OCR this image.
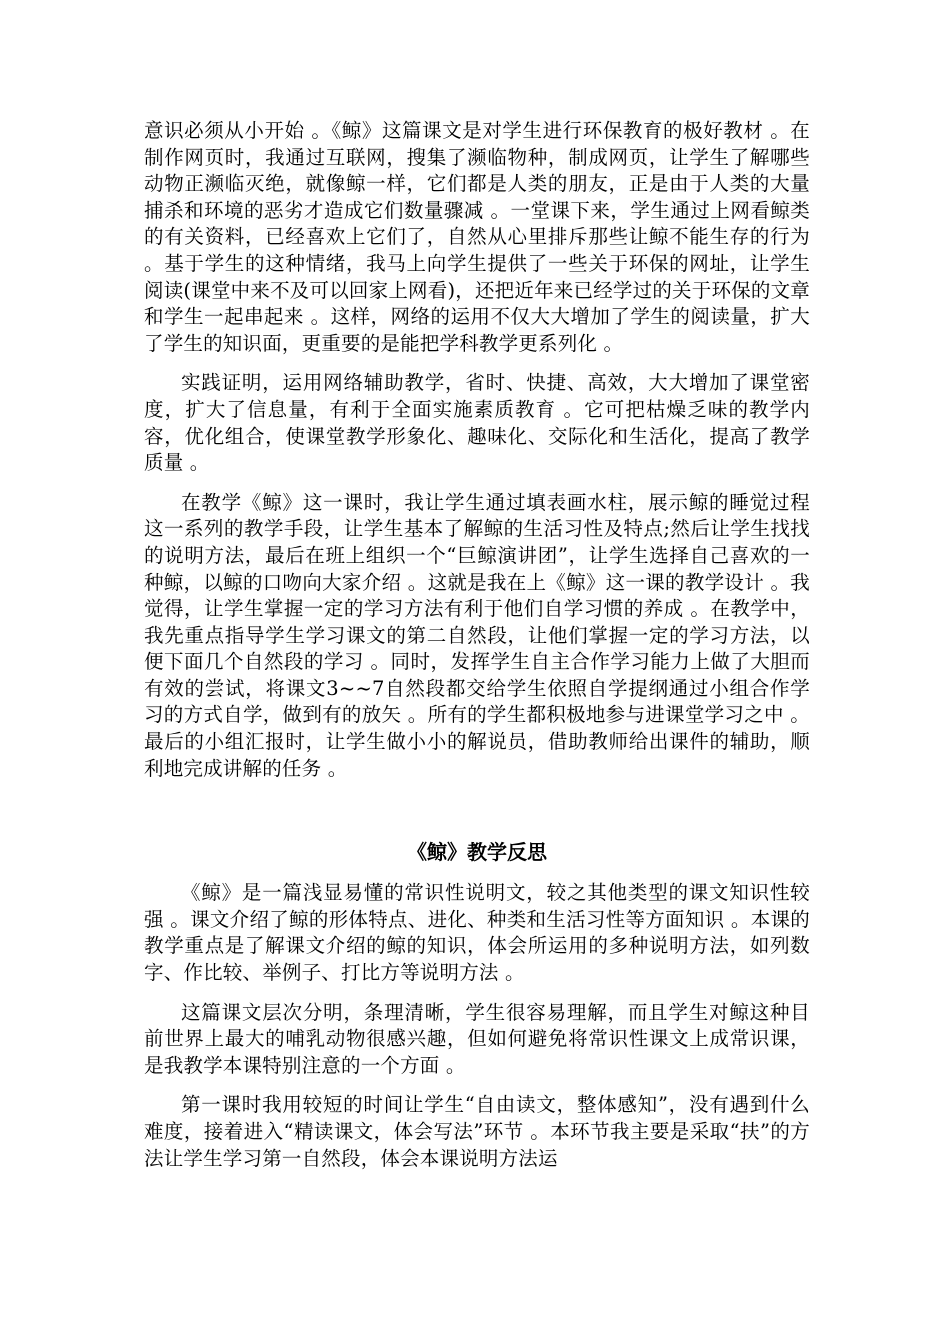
意识必须从小开始 。《鲸》这篇课文是对学生进行环保教育的极好教材 。在制作网页时，我通过互联网，搜集了濒临物种，制成网页，让学生了解哪些动物正濒临灭绝，就像鲸一样，它们都是人类的朋友，正是由于人类的大量捕杀和环境的恶劣才造成它们数量骤减 。一堂课下来，学生通过上网看鲸类的有关资料，已经喜欢上它们了，自然从心里排斥那些让鲸不能生存的行为 。基于学生的这种情绪，我马上向学生提供了一些关于环保的网址，让学生阅读(课堂中来不及可以回家上网看)，还把近年来已经学过的关于环保的文章和学生一起串起来 。这样，网络的运用不仅大大增加了学生的阅读量，扩大了学生的知识面，更重要的是能把学科教学更系列化 。

实践证明，运用网络辅助教学，省时、快捷、高效，大大增加了课堂密度，扩大了信息量，有利于全面实施素质教育 。它可把枯燥乏味的教学内容，优化组合，使课堂教学形象化、趣味化、交际化和生活化，提高了教学质量 。

在教学《鲸》这一课时，我让学生通过填表画水柱，展示鲸的睡觉过程这一系列的教学手段，让学生基本了解鲸的生活习性及特点;然后让学生找找的说明方法，最后在班上组织一个“巨鲸演讲团”，让学生选择自己喜欢的一种鲸，以鲸的口吻向大家介绍 。这就是我在上《鲸》这一课的教学设计 。我觉得，让学生掌握一定的学习方法有利于他们自学习惯的养成 。在教学中，我先重点指导学生学习课文的第二自然段，让他们掌握一定的学习方法，以便下面几个自然段的学习 。同时，发挥学生自主合作学习能力上做了大胆而有效的尝试，将课文3~~7自然段都交给学生依照自学提纲通过小组合作学习的方式自学，做到有的放矢 。所有的学生都积极地参与进课堂学习之中 。最后的小组汇报时，让学生做小小的解说员，借助教师给出课件的辅助，顺利地完成讲解的任务 。

《鲸》教学反思

《鲸》是一篇浅显易懂的常识性说明文，较之其他类型的课文知识性较强 。课文介绍了鲸的形体特点、进化、种类和生活习性等方面知识 。本课的教学重点是了解课文介绍的鲸的知识，体会所运用的多种说明方法，如列数字、作比较、举例子、打比方等说明方法 。

这篇课文层次分明，条理清晰，学生很容易理解，而且学生对鲸这种目前世界上最大的哺乳动物很感兴趣，但如何避免将常识性课文上成常识课，是我教学本课特别注意的一个方面 。

第一课时我用较短的时间让学生“自由读文，整体感知”，没有遇到什么难度，接着进入“精读课文，体会写法”环节 。本环节我主要是采取“扶”的方法让学生学习第一自然段，体会本课说明方法运
